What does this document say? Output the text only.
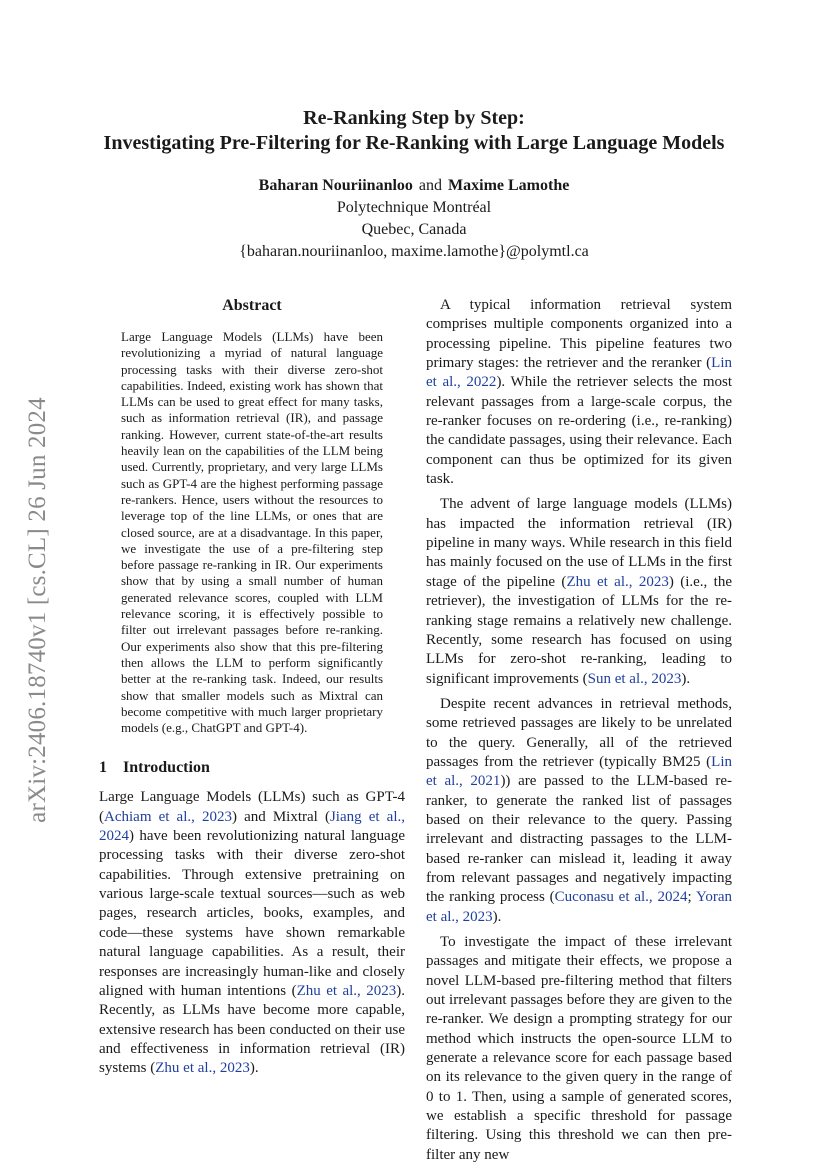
arXiv:2406.18740v1 [cs.CL] 26 Jun 2024

Re-Ranking Step by Step:

Investigating Pre-Filtering for Re-Ranking with Large Language Models

Baharan Nouriinanloo and Maxime Lamothe
Polytechnique Montréal
Quebec, Canada
{baharan.nouriinanloo, maxime.lamothe}@polymtl.ca
Abstract

Large Language Models (LLMs) have been revolutionizing a myriad of natural language processing tasks with their diverse zero-shot capabilities. Indeed, existing work has shown that LLMs can be used to great effect for many tasks, such as information retrieval (IR), and passage ranking. However, current state-of-the-art results heavily lean on the capabilities of the LLM being used. Currently, proprietary, and very large LLMs such as GPT-4 are the highest performing passage re-rankers. Hence, users without the resources to leverage top of the line LLMs, or ones that are closed source, are at a disadvantage. In this paper, we investigate the use of a pre-filtering step before passage re-ranking in IR. Our experiments show that by using a small number of human generated relevance scores, coupled with LLM relevance scoring, it is effectively possible to filter out irrelevant passages before re-ranking. Our experiments also show that this pre-filtering then allows the LLM to perform significantly better at the re-ranking task. Indeed, our results show that smaller models such as Mixtral can become competitive with much larger proprietary models (e.g., ChatGPT and GPT-4).

1 Introduction

Large Language Models (LLMs) such as GPT-4 (Achiam et al., 2023) and Mixtral (Jiang et al., 2024) have been revolutionizing natural language processing tasks with their diverse zero-shot capabilities. Through extensive pretraining on various large-scale textual sources—such as web pages, research articles, books, examples, and code—these systems have shown remarkable natural language capabilities. As a result, their responses are increasingly human-like and closely aligned with human intentions (Zhu et al., 2023). Recently, as LLMs have become more capable, extensive research has been conducted on their use and effectiveness in information retrieval (IR) systems (Zhu et al., 2023).

A typical information retrieval system comprises multiple components organized into a processing pipeline. This pipeline features two primary stages: the retriever and the reranker (Lin et al., 2022). While the retriever selects the most relevant passages from a large-scale corpus, the re-ranker focuses on re-ordering (i.e., re-ranking) the candidate passages, using their relevance. Each component can thus be optimized for its given task.

The advent of large language models (LLMs) has impacted the information retrieval (IR) pipeline in many ways. While research in this field has mainly focused on the use of LLMs in the first stage of the pipeline (Zhu et al., 2023) (i.e., the retriever), the investigation of LLMs for the re-ranking stage remains a relatively new challenge. Recently, some research has focused on using LLMs for zero-shot re-ranking, leading to significant improvements (Sun et al., 2023).

Despite recent advances in retrieval methods, some retrieved passages are likely to be unrelated to the query. Generally, all of the retrieved passages from the retriever (typically BM25 (Lin et al., 2021)) are passed to the LLM-based re-ranker, to generate the ranked list of passages based on their relevance to the query. Passing irrelevant and distracting passages to the LLM-based re-ranker can mislead it, leading it away from relevant passages and negatively impacting the ranking process (Cuconasu et al., 2024; Yoran et al., 2023).

To investigate the impact of these irrelevant passages and mitigate their effects, we propose a novel LLM-based pre-filtering method that filters out irrelevant passages before they are given to the re-ranker. We design a prompting strategy for our method which instructs the open-source LLM to generate a relevance score for each passage based on its relevance to the given query in the range of 0 to 1. Then, using a sample of generated scores, we establish a specific threshold for passage filtering. Using this threshold we can then pre-filter any new
